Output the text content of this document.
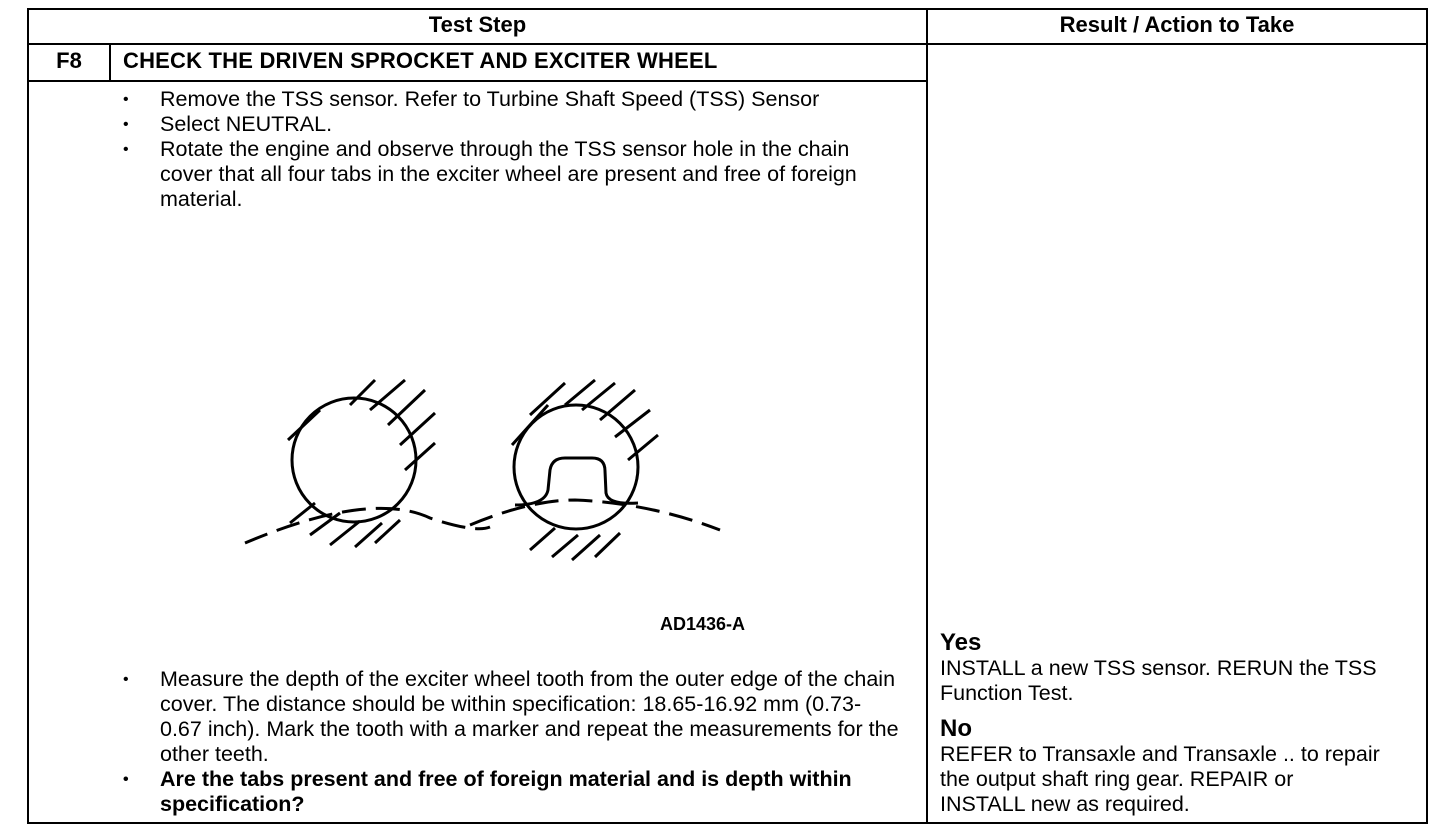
Test Step	Result / Action to Take
F8	CHECK THE DRIVEN SPROCKET AND EXCITER WHEEL
• Remove the TSS sensor. Refer to Turbine Shaft Speed (TSS) Sensor
• Select NEUTRAL.
• Rotate the engine and observe through the TSS sensor hole in the chain cover that all four tabs in the exciter wheel are present and free of foreign material.
AD1436-A
• Measure the depth of the exciter wheel tooth from the outer edge of the chain cover. The distance should be within specification: 18.65-16.92 mm (0.73-0.67 inch). Mark the tooth with a marker and repeat the measurements for the other teeth.
• Are the tabs present and free of foreign material and is depth within specification?
Yes
INSTALL a new TSS sensor. RERUN the TSS Function Test.
No
REFER to Transaxle and Transaxle .. to repair the output shaft ring gear. REPAIR or INSTALL new as required.
